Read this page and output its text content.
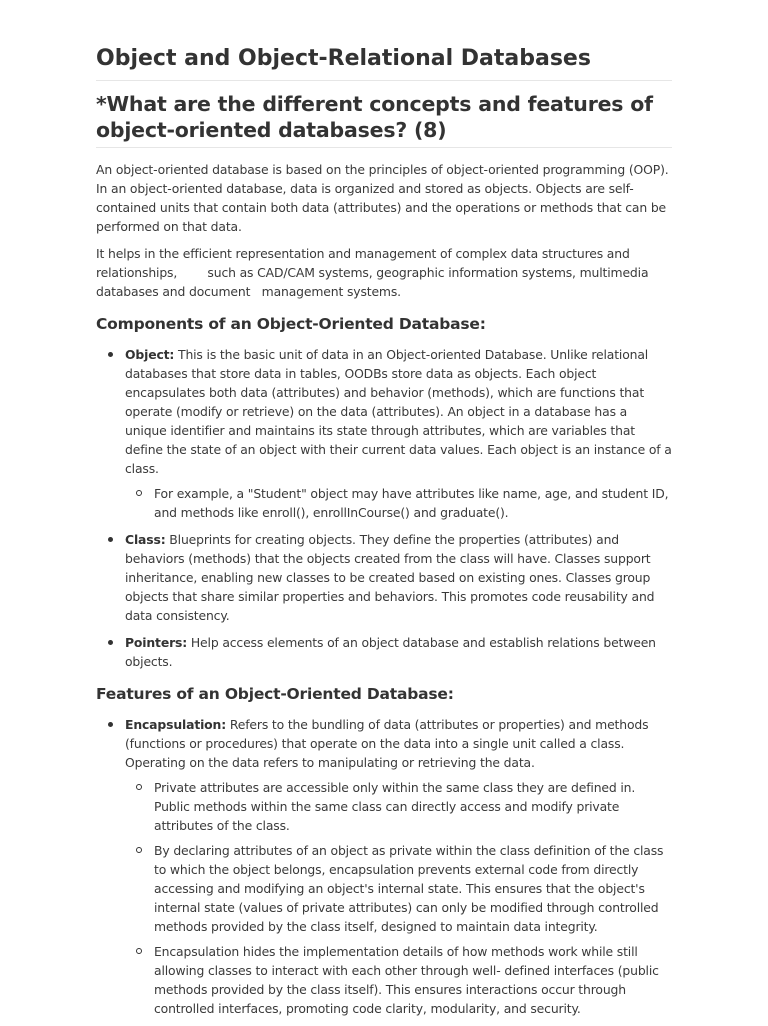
Object and Object-Relational Databases
*What are the different concepts and features of object-oriented databases? (8)

An object-oriented database is based on the principles of object-oriented programming (OOP). In an object-oriented database, data is organized and stored as objects. Objects are self-contained units that contain both data (attributes) and the operations or methods that can be performed on that data.

It helps in the efficient representation and management of complex data structures and relationships,        such as CAD/CAM systems, geographic information systems, multimedia databases and document   management systems.

Components of an Object-Oriented Database:
Object: This is the basic unit of data in an Object-oriented Database. Unlike relational databases that store data in tables, OODBs store data as objects. Each object encapsulates both data (attributes) and behavior (methods), which are functions that operate (modify or retrieve) on the data (attributes). An object in a database has a unique identifier and maintains its state through attributes, which are variables that define the state of an object with their current data values. Each object is an instance of a class.
For example, a "Student" object may have attributes like name, age, and student ID, and methods like enroll(), enrollInCourse() and graduate().
Class: Blueprints for creating objects. They define the properties (attributes) and behaviors (methods) that the objects created from the class will have. Classes support inheritance, enabling new classes to be created based on existing ones. Classes group objects that share similar properties and behaviors. This promotes code reusability and data consistency.
Pointers: Help access elements of an object database and establish relations between objects.
Features of an Object-Oriented Database:
Encapsulation: Refers to the bundling of data (attributes or properties) and methods (functions or procedures) that operate on the data into a single unit called a class. Operating on the data refers to manipulating or retrieving the data.
Private attributes are accessible only within the same class they are defined in. Public methods within the same class can directly access and modify private attributes of the class.
By declaring attributes of an object as private within the class definition of the class to which the object belongs, encapsulation prevents external code from directly accessing and modifying an object's internal state. This ensures that the object's internal state (values of private attributes) can only be modified through controlled methods provided by the class itself, designed to maintain data integrity.
Encapsulation hides the implementation details of how methods work while still allowing classes to interact with each other through well- defined interfaces (public methods provided by the class itself). This ensures interactions occur through controlled interfaces, promoting code clarity, modularity, and security.
